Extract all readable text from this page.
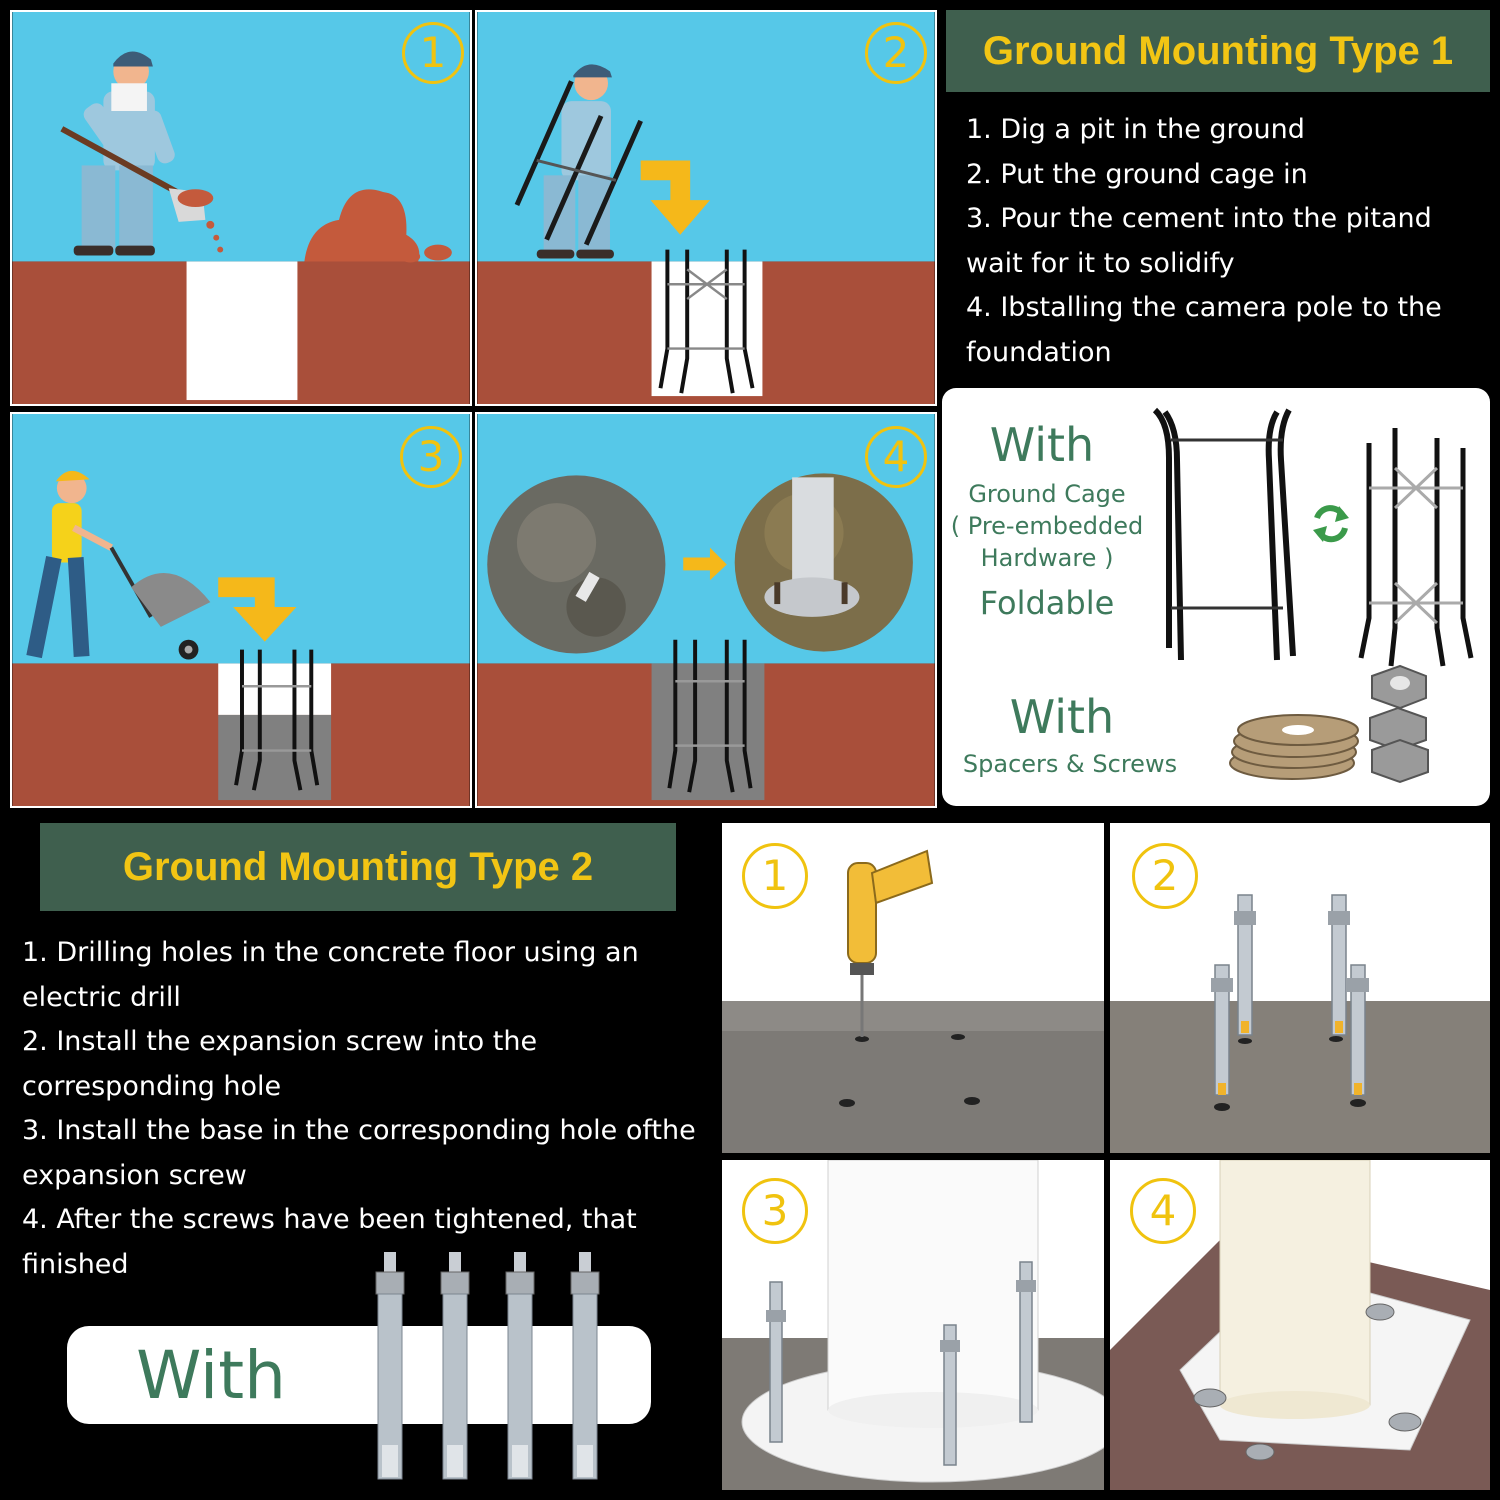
1	2
3	4
Ground Mounting Type 1
1. Dig a pit in the ground
2. Put the ground cage in
3. Pour the cement into the pitand wait for it to solidify
4. Ibstalling the camera pole to the foundation
With
Ground Cage
( Pre-embedded
Hardware )
Foldable
With
Spacers & Screws
Ground Mounting Type 2
1. Drilling holes in the concrete floor using an electric drill
2. Install the expansion screw into the corresponding hole
3. Install the base in the corresponding hole ofthe expansion screw
4. After the screws have been tightened, that finished
With
1	2
3	4
